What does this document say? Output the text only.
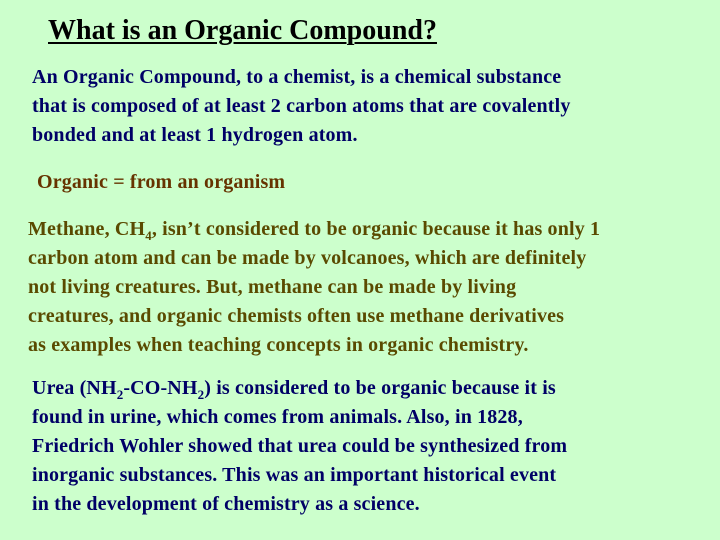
What is an Organic Compound?

An Organic Compound, to a chemist, is a chemical substance
that is composed of at least 2 carbon atoms that are covalently
bonded and at least 1 hydrogen atom.

Organic = from an organism

Methane, $CH_4$, isn’t considered to be organic because it has only 1
carbon atom and can be made by volcanoes, which are definitely
not living creatures. But, methane can be made by living
creatures, and organic chemists often use methane derivatives
as examples when teaching concepts in organic chemistry.

Urea $(NH_2-CO-NH_2)$ is considered to be organic because it is
found in urine, which comes from animals. Also, in 1828,
Friedrich Wohler showed that urea could be synthesized from
inorganic substances. This was an important historical event
in the development of chemistry as a science.
